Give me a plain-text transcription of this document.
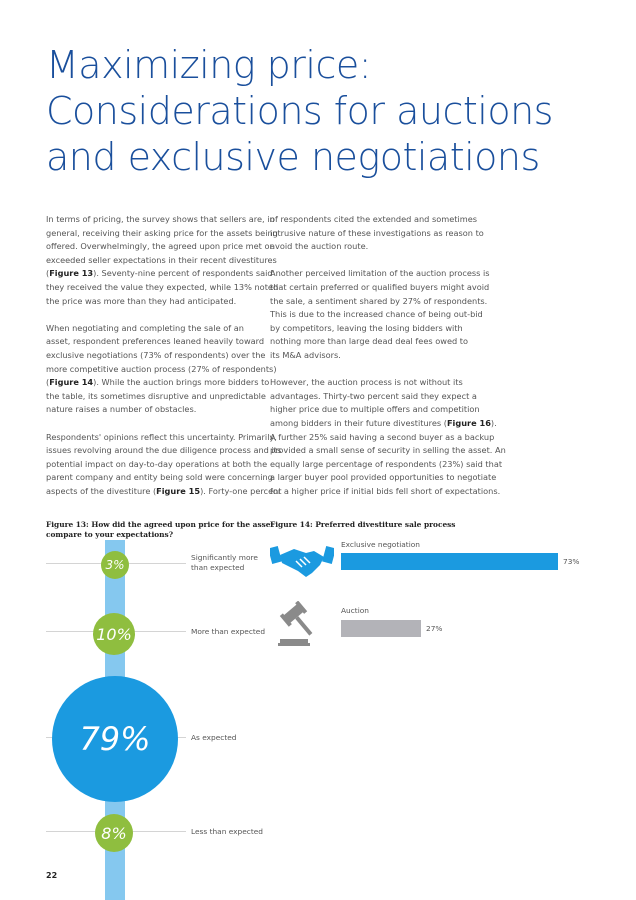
Maximizing price:
Considerations for auctions
and exclusive negotiations
In terms of pricing, the survey shows that sellers are, in
general, receiving their asking price for the assets being
offered. Overwhelmingly, the agreed upon price met or
exceeded seller expectations in their recent divestitures
(Figure 13). Seventy-nine percent of respondents said
they received the value they expected, while 13% noted
the price was more than they had anticipated.
When negotiating and completing the sale of an
asset, respondent preferences leaned heavily toward
exclusive negotiations (73% of respondents) over the
more competitive auction process (27% of respondents)
(Figure 14). While the auction brings more bidders to
the table, its sometimes disruptive and unpredictable
nature raises a number of obstacles.
Respondents' opinions reflect this uncertainty. Primarily,
issues revolving around the due diligence process and its
potential impact on day-to-day operations at both the
parent company and entity being sold were concerning
aspects of the divestiture (Figure 15). Forty-one percent
of respondents cited the extended and sometimes
intrusive nature of these investigations as reason to
avoid the auction route.
Another perceived limitation of the auction process is
that certain preferred or qualified buyers might avoid
the sale, a sentiment shared by 27% of respondents.
This is due to the increased chance of being out-bid
by competitors, leaving the losing bidders with
nothing more than large dead deal fees owed to
its M&A advisors.
However, the auction process is not without its
advantages. Thirty-two percent said they expect a
higher price due to multiple offers and competition
among bidders in their future divestitures (Figure 16).
A further 25% said having a second buyer as a backup
provided a small sense of security in selling the asset. An
equally large percentage of respondents (23%) said that
a larger buyer pool provided opportunities to negotiate
for a higher price if initial bids fell short of expectations.
Figure 13: How did the agreed upon price for the asset
compare to your expectations?
3%
10%
79%
8%
Significantly more
than expected
More than expected
As expected
Less than expected
Figure 14: Preferred divestiture sale process
Exclusive negotiation
73%
Auction
27%
22
